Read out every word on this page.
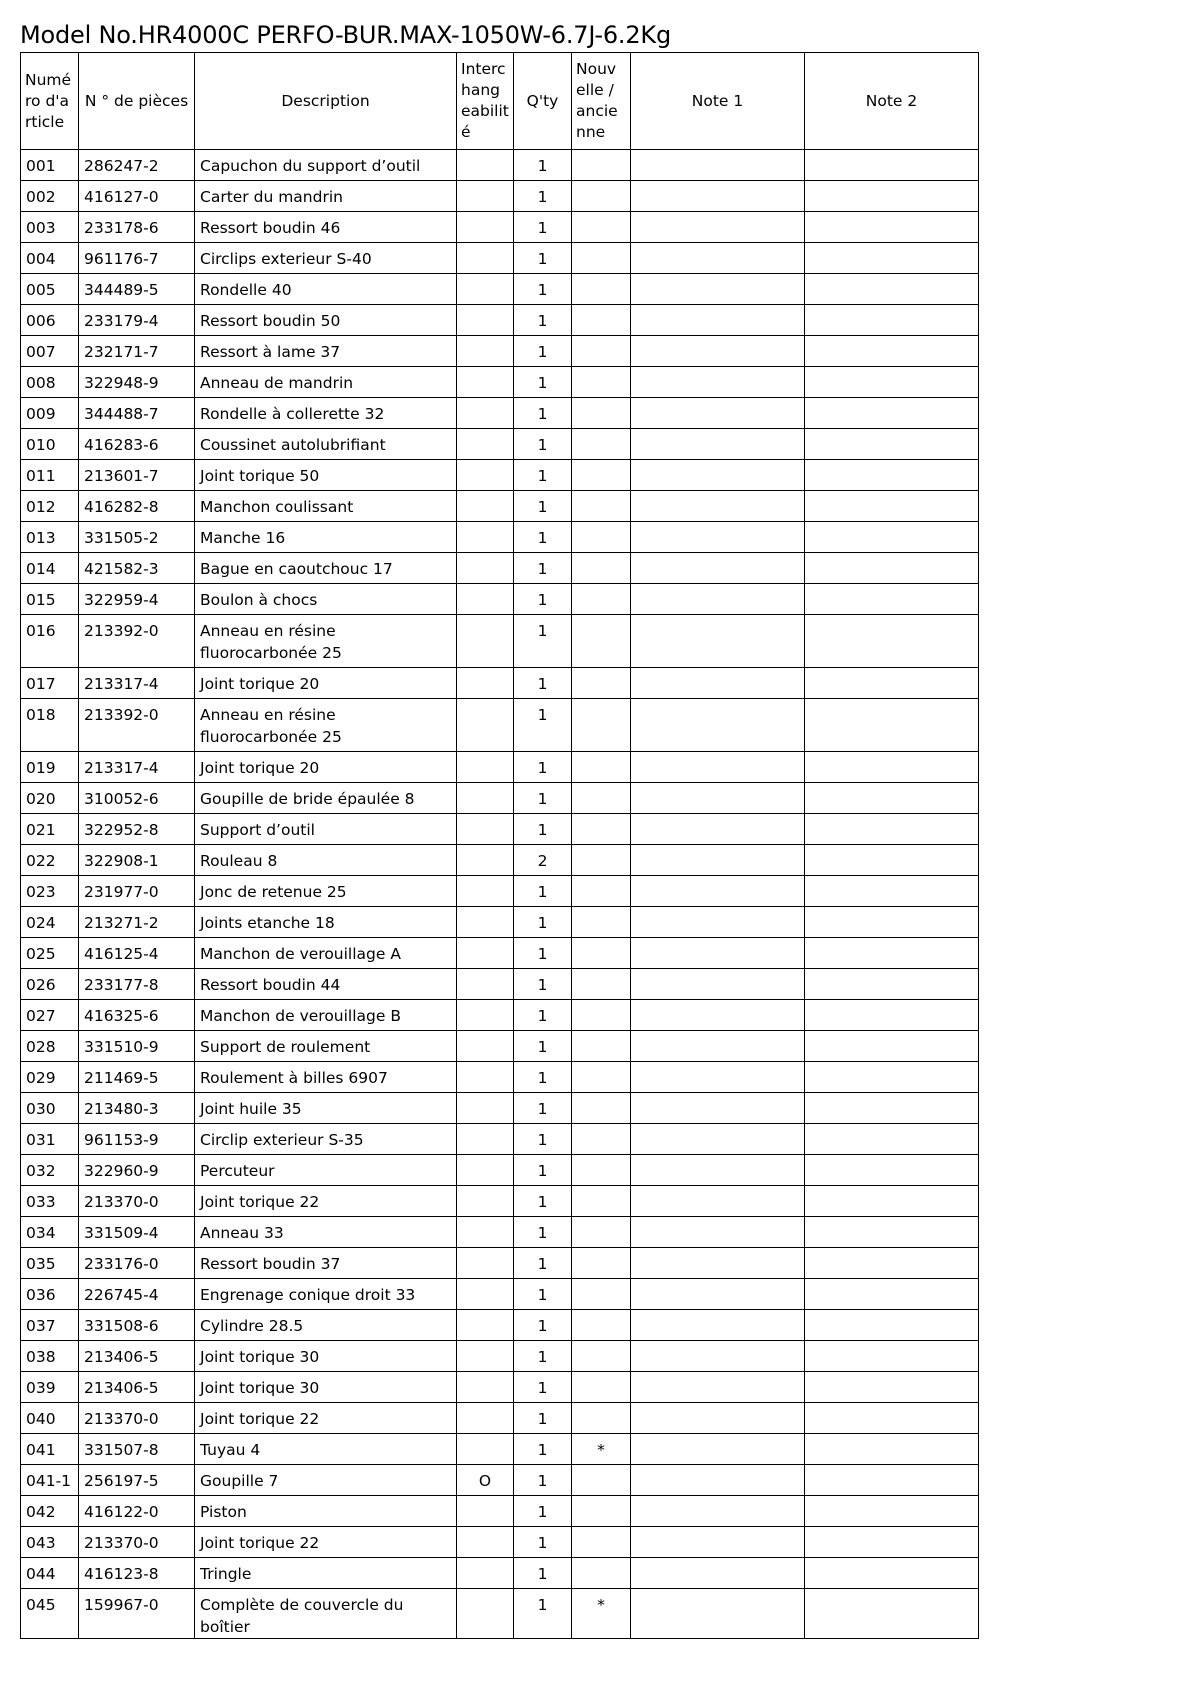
Model No.HR4000C PERFO-BUR.MAX-1050W-6.7J-6.2Kg
Numé
ro d'a
rticle	N ° de pièces	Description	Interc
hang
eabilit
é	Q'ty	Nouv
elle /
ancie
nne	Note 1	Note 2
001	286247-2	Capuchon du support d’outil		1			
002	416127-0	Carter du mandrin		1			
003	233178-6	Ressort boudin 46		1			
004	961176-7	Circlips exterieur S-40		1			
005	344489-5	Rondelle 40		1			
006	233179-4	Ressort boudin 50		1			
007	232171-7	Ressort à lame 37		1			
008	322948-9	Anneau de mandrin		1			
009	344488-7	Rondelle à collerette 32		1			
010	416283-6	Coussinet autolubrifiant		1			
011	213601-7	Joint torique 50		1			
012	416282-8	Manchon coulissant		1			
013	331505-2	Manche 16		1			
014	421582-3	Bague en caoutchouc 17		1			
015	322959-4	Boulon à chocs		1			
016	213392-0	Anneau en résine fluorocarbonée 25		1			
017	213317-4	Joint torique 20		1			
018	213392-0	Anneau en résine fluorocarbonée 25		1			
019	213317-4	Joint torique 20		1			
020	310052-6	Goupille de bride épaulée 8		1			
021	322952-8	Support d’outil		1			
022	322908-1	Rouleau 8		2			
023	231977-0	Jonc de retenue 25		1			
024	213271-2	Joints etanche 18		1			
025	416125-4	Manchon de verouillage A		1			
026	233177-8	Ressort boudin 44		1			
027	416325-6	Manchon de verouillage B		1			
028	331510-9	Support de roulement		1			
029	211469-5	Roulement à billes 6907		1			
030	213480-3	Joint huile 35		1			
031	961153-9	Circlip exterieur S-35		1			
032	322960-9	Percuteur		1			
033	213370-0	Joint torique 22		1			
034	331509-4	Anneau 33		1			
035	233176-0	Ressort boudin 37		1			
036	226745-4	Engrenage conique droit 33		1			
037	331508-6	Cylindre 28.5		1			
038	213406-5	Joint torique 30		1			
039	213406-5	Joint torique 30		1			
040	213370-0	Joint torique 22		1			
041	331507-8	Tuyau 4		1	*		
041-1	256197-5	Goupille 7	O	1			
042	416122-0	Piston		1			
043	213370-0	Joint torique 22		1			
044	416123-8	Tringle		1			
045	159967-0	Complète de couvercle du boîtier		1	*		
